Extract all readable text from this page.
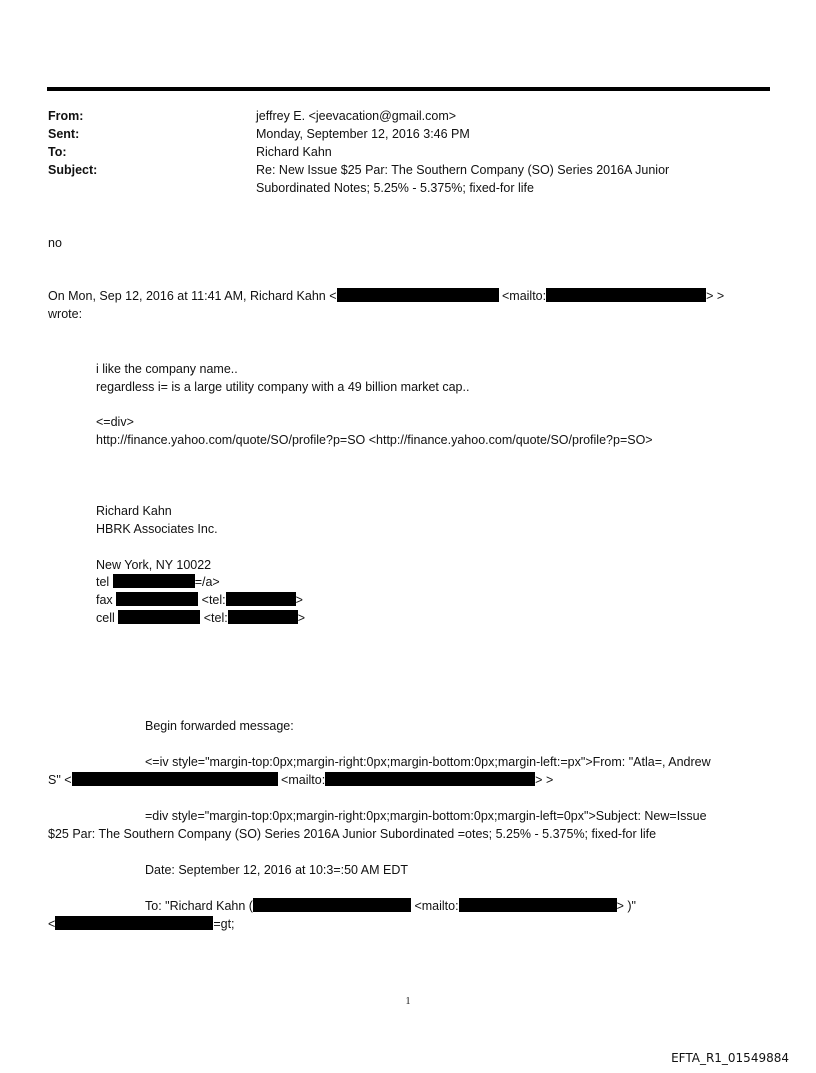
From:	jeffrey E. <jeevacation@gmail.com>
Sent:	Monday, September 12, 2016 3:46 PM
To:	Richard Kahn
Subject:	Re: New Issue $25 Par: The Southern Company (SO) Series 2016A Junior
Subordinated Notes; 5.25% - 5.375%; fixed-for life
no
On Mon, Sep 12, 2016 at 11:41 AM, Richard Kahn <	<mailto:	> >
wrote:
i like the company name..
regardless i= is a large utility company with a 49 billion market cap..
<=div>
http://finance.yahoo.com/quote/SO/profile?p=SO <http://finance.yahoo.com/quote/SO/profile?p=SO>
Richard Kahn
HBRK Associates Inc.
New York, NY 10022
tel	=/a>
fax	<tel:	>
cell	<tel:	>
Begin forwarded message:
<=iv style="margin-top:0px;margin-right:0px;margin-bottom:0px;margin-left:=px">From: "Atla=, Andrew
S" <	<mailto:	> >
=div style="margin-top:0px;margin-right:0px;margin-bottom:0px;margin-left=0px">Subject: New=Issue
$25 Par: The Southern Company (SO) Series 2016A Junior Subordinated =otes; 5.25% - 5.375%; fixed-for life
Date: September 12, 2016 at 10:3=:50 AM EDT
To: "Richard Kahn (	<mailto:	> )"
<	=gt;
1
EFTA_R1_01549884
